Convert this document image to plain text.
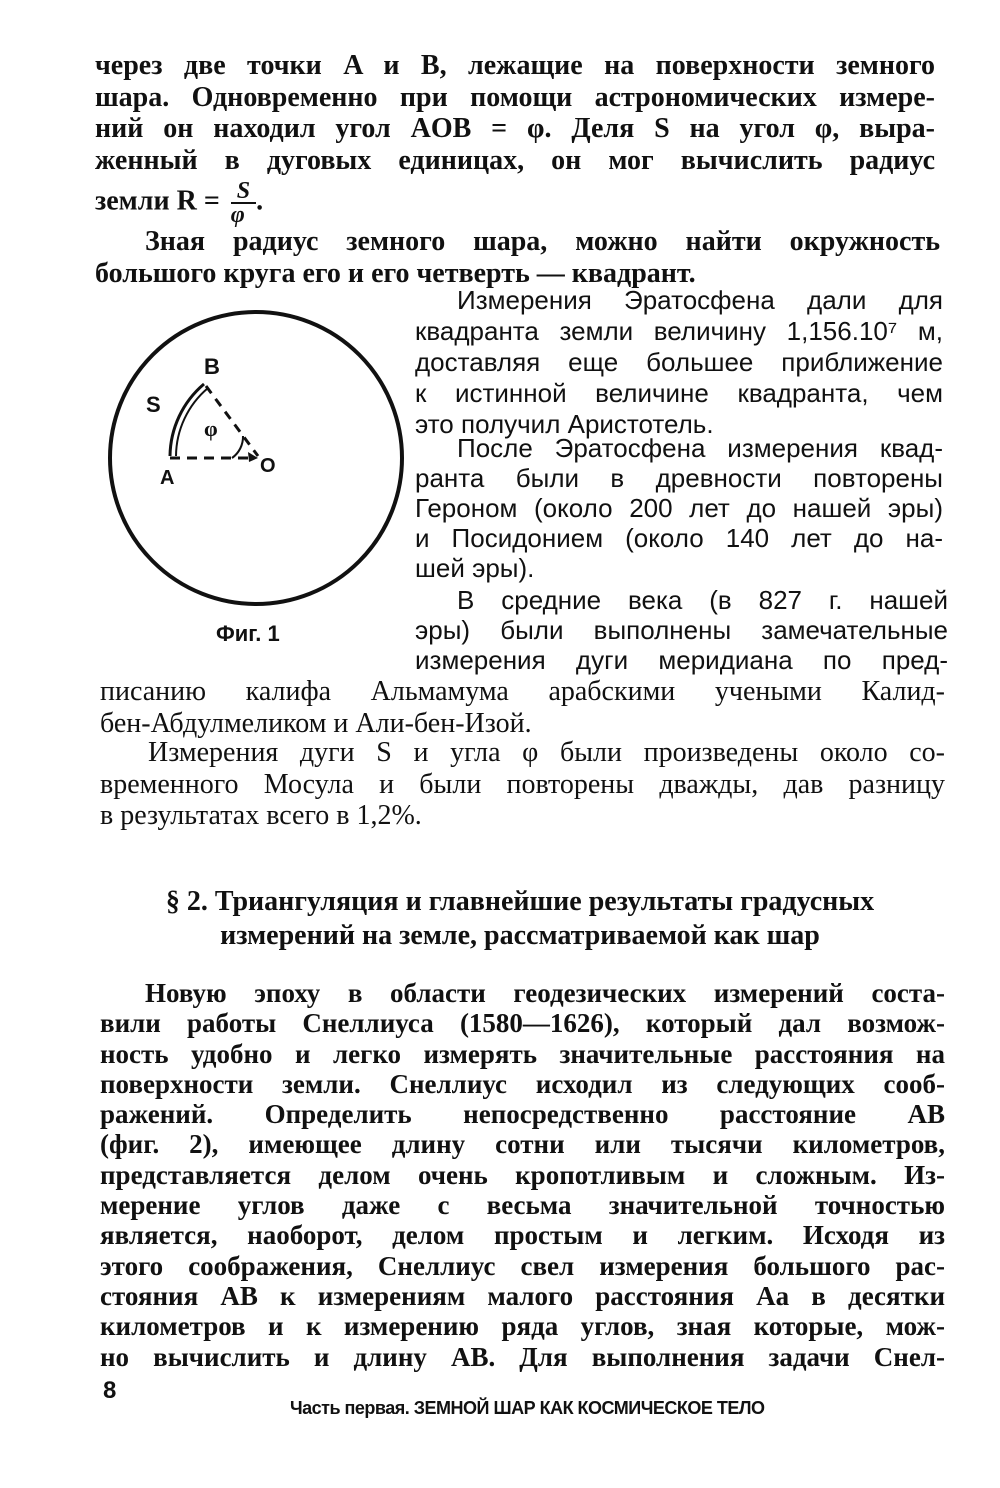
через две точки A и B, лежащие на поверхности земного
шара. Одновременно при помощи астрономических измере-
ний он находил угол AOB = φ. Деля S на угол φ, выра-
женный в дуговых единицах, он мог вычислить радиус
земли $R = \frac{S}{\varphi}$ .
Зная радиус земного шара, можно найти окружность
большого круга его и его четверть — квадрант.
S
B
A
O
φ
Фиг. 1
Измерения Эратосфена дали для
квадранта земли величину 1,156.10⁷ м,
доставляя еще большее приближение
к истинной величине квадранта, чем
это получил Аристотель.
После Эратосфена измерения квад-
ранта были в древности повторены
Героном (около 200 лет до нашей эры)
и Посидонием (около 140 лет до на-
шей эры).
В средние века (в 827 г. нашей
эры) были выполнены замечательные
измерения дуги меридиана по пред-
писанию калифа Альмамума арабскими учеными Калид-
бен-Абдулмеликом и Али-бен-Изой.
Измерения дуги S и угла φ были произведены около со-
временного Мосула и были повторены дважды, дав разницу
в результатах всего в 1,2%.
§ 2. Триангуляция и главнейшие результаты градусных
измерений на земле, рассматриваемой как шар
Новую эпоху в области геодезических измерений соста-
вили работы Снеллиуса (1580—1626), который дал возмож-
ность удобно и легко измерять значительные расстояния на
поверхности земли. Снеллиус исходил из следующих сооб-
ражений. Определить непосредственно расстояние AB
(фиг. 2), имеющее длину сотни или тысячи километров,
представляется делом очень кропотливым и сложным. Из-
мерение углов даже с весьма значительной точностью
является, наоборот, делом простым и легким. Исходя из
этого соображения, Снеллиус свел измерения большого рас-
стояния AB к измерениям малого расстояния Aa в десятки
километров и к измерению ряда углов, зная которые, мож-
но вычислить и длину AB. Для выполнения задачи Снел-
8
Часть первая. ЗЕМНОЙ ШАР КАК КОСМИЧЕСКОЕ ТЕЛО
